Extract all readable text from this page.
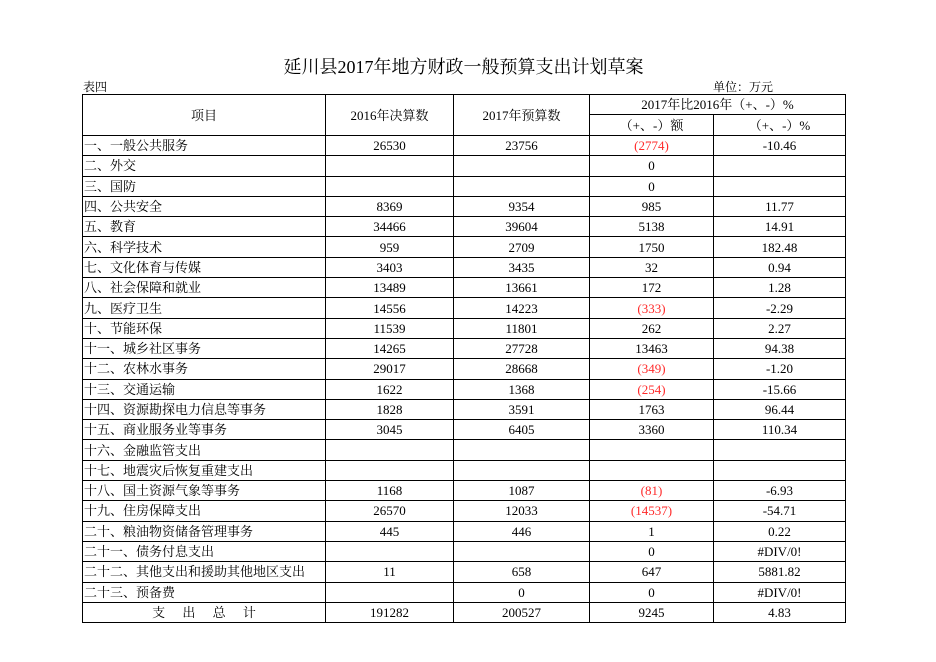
延川县2017年地方财政一般预算支出计划草案
表四	单位：万元
项目	2016年决算数	2017年预算数	2017年比2016年（+、-）%	
			（+、-）额	（+、-）%
一、一般公共服务	26530	23756	(2774)	-10.46
二、外交			0	
三、国防			0	
四、公共安全	8369	9354	985	11.77
五、教育	34466	39604	5138	14.91
六、科学技术	959	2709	1750	182.48
七、文化体育与传媒	3403	3435	32	0.94
八、社会保障和就业	13489	13661	172	1.28
九、医疗卫生	14556	14223	(333)	-2.29
十、节能环保	11539	11801	262	2.27
十一、城乡社区事务	14265	27728	13463	94.38
十二、农林水事务	29017	28668	(349)	-1.20
十三、交通运输	1622	1368	(254)	-15.66
十四、资源勘探电力信息等事务	1828	3591	1763	96.44
十五、商业服务业等事务	3045	6405	3360	110.34
十六、金融监管支出				
十七、地震灾后恢复重建支出				
十八、国土资源气象等事务	1168	1087	(81)	-6.93
十九、住房保障支出	26570	12033	(14537)	-54.71
二十、粮油物资储备管理事务	445	446	1	0.22
二十一、债务付息支出			0	#DIV/0!
二十二、其他支出和援助其他地区支出	11	658	647	5881.82
二十三、预备费		0	0	#DIV/0!
支 出 总 计	191282	200527	9245	4.83
